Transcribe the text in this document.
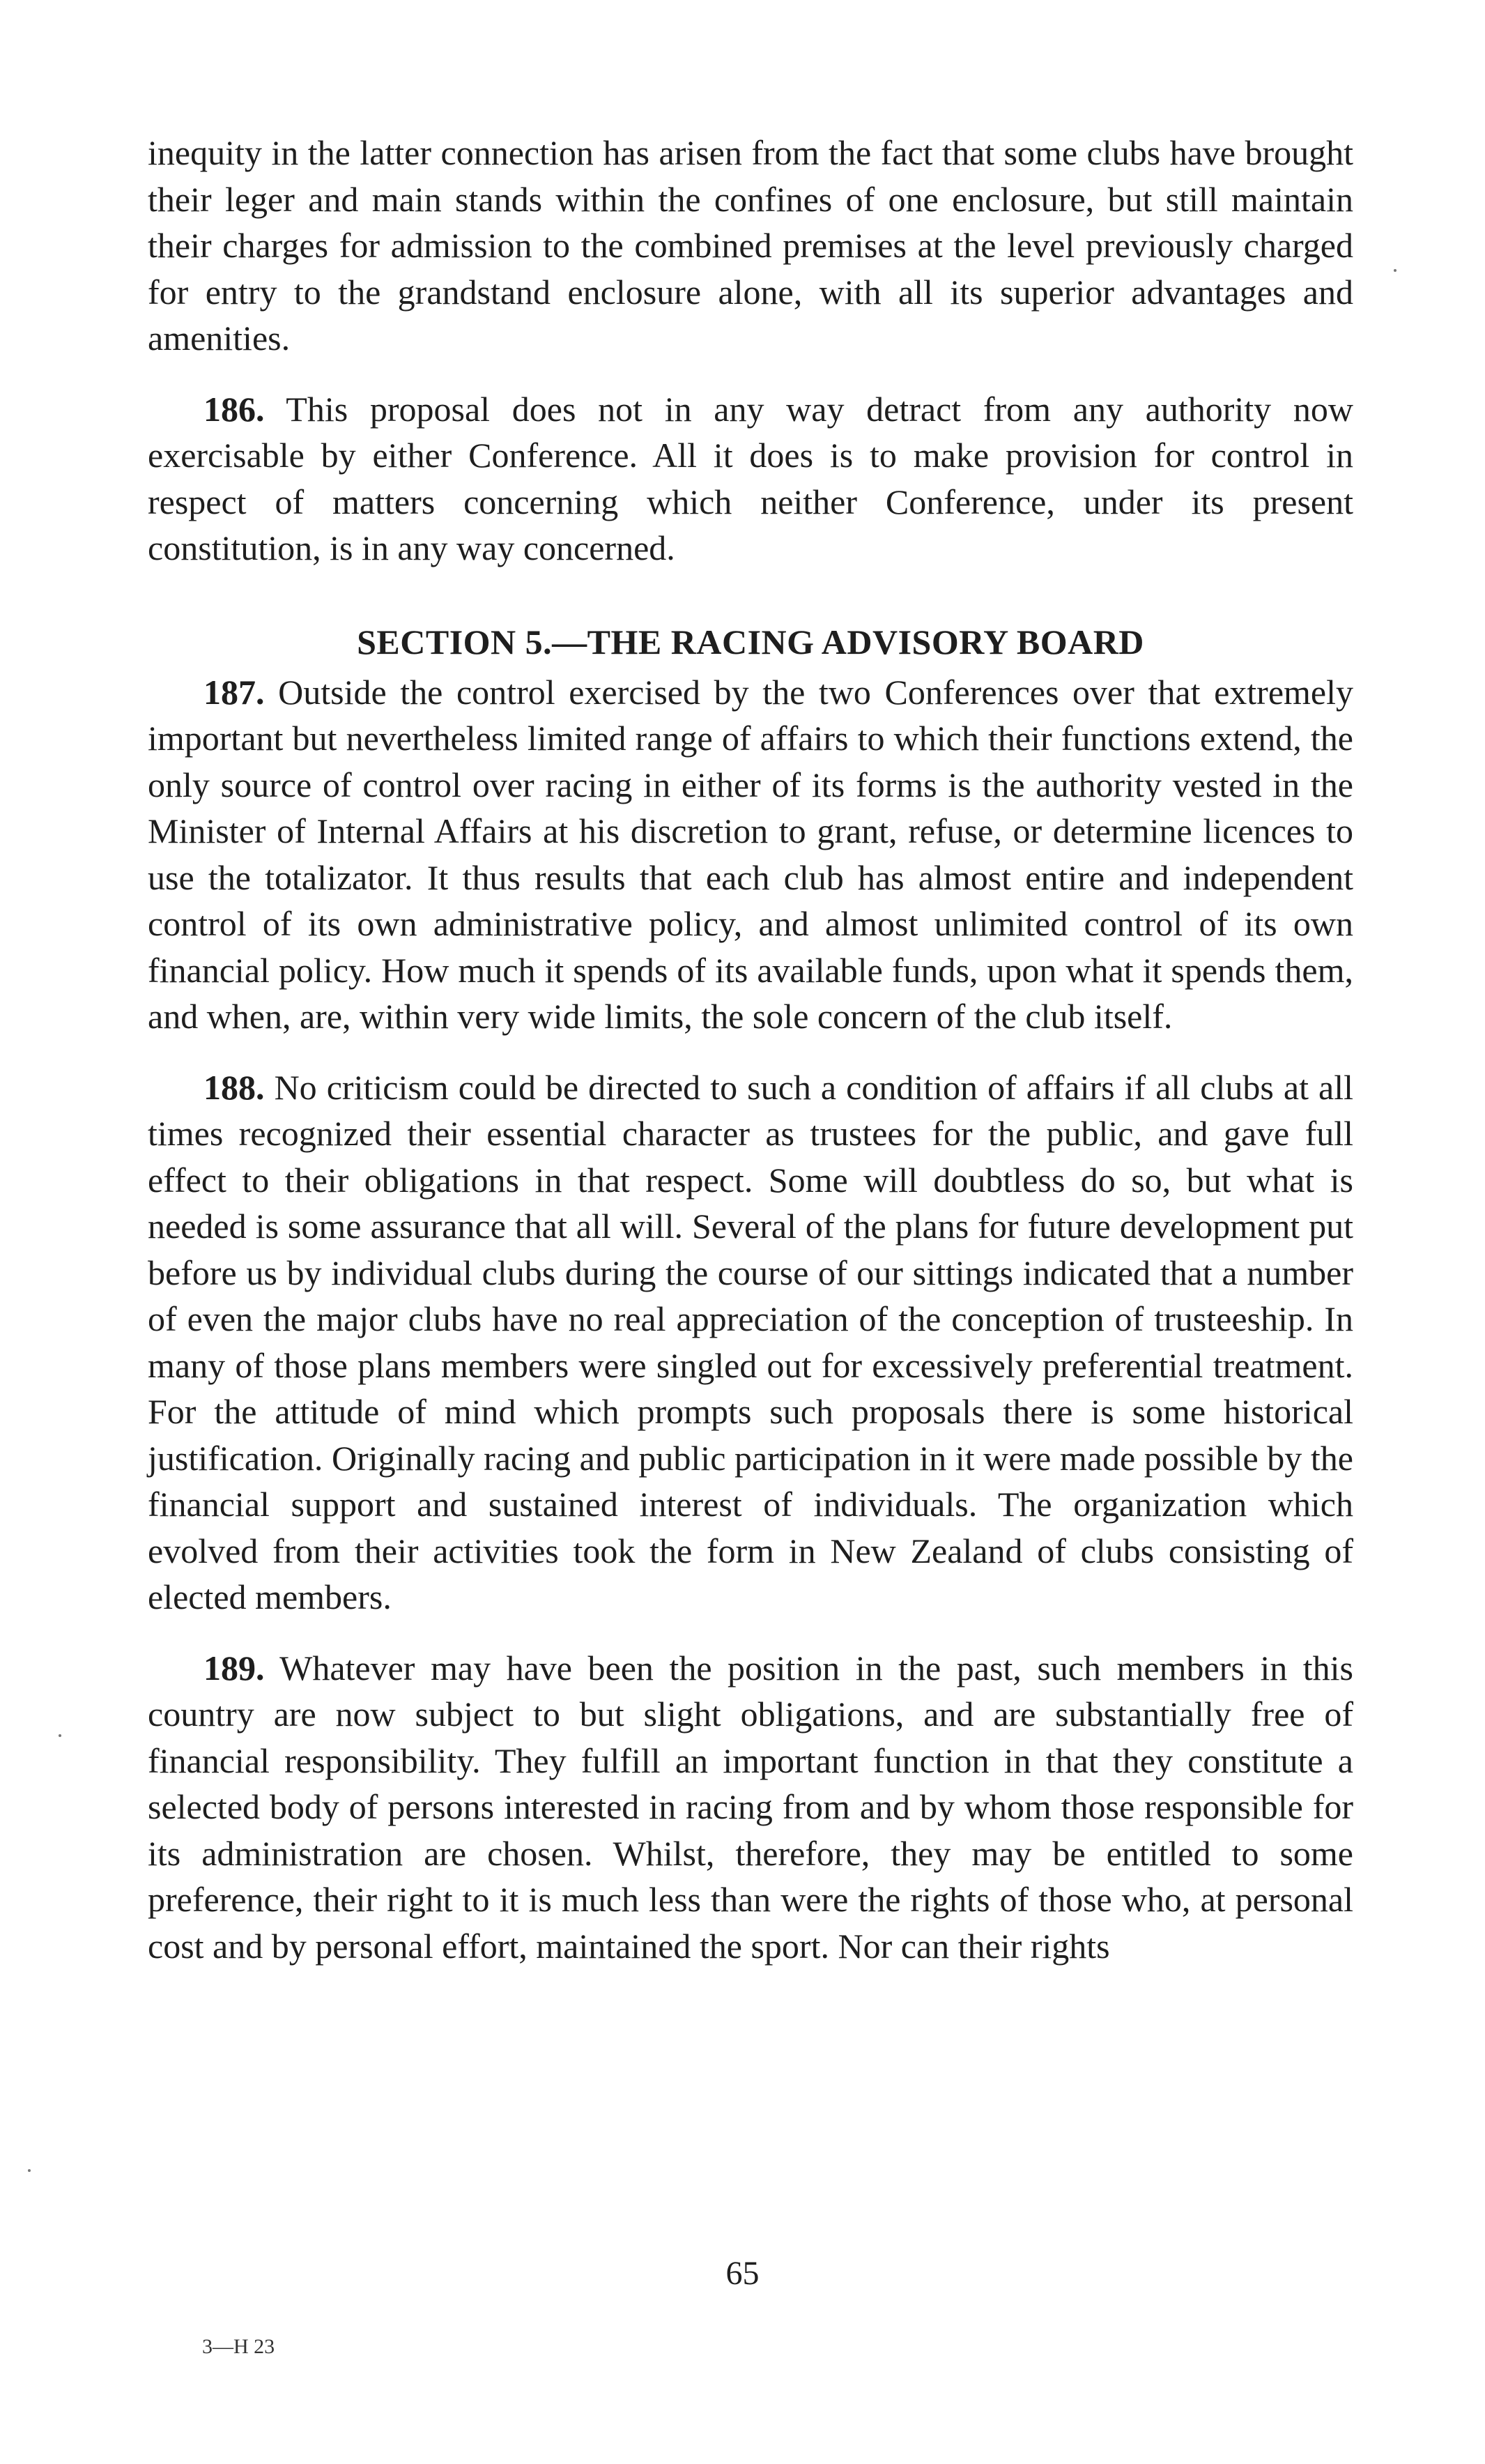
inequity in the latter connection has arisen from the fact that some clubs have brought their leger and main stands within the confines of one enclosure, but still maintain their charges for admission to the combined premises at the level previously charged for entry to the grandstand enclosure alone, with all its superior advantages and amenities.

186. This proposal does not in any way detract from any authority now exercisable by either Conference. All it does is to make provision for control in respect of matters concerning which neither Conference, under its present constitution, is in any way concerned.

SECTION 5.—THE RACING ADVISORY BOARD

187. Outside the control exercised by the two Conferences over that extremely important but nevertheless limited range of affairs to which their functions extend, the only source of control over racing in either of its forms is the authority vested in the Minister of Internal Affairs at his discretion to grant, refuse, or determine licences to use the totalizator. It thus results that each club has almost entire and independent control of its own administrative policy, and almost unlimited control of its own financial policy. How much it spends of its available funds, upon what it spends them, and when, are, within very wide limits, the sole concern of the club itself.

188. No criticism could be directed to such a condition of affairs if all clubs at all times recognized their essential character as trustees for the public, and gave full effect to their obligations in that respect. Some will doubtless do so, but what is needed is some assurance that all will. Several of the plans for future development put before us by individual clubs during the course of our sittings indicated that a number of even the major clubs have no real appreciation of the conception of trusteeship. In many of those plans members were singled out for excessively preferential treatment. For the attitude of mind which prompts such proposals there is some historical justification. Originally racing and public participation in it were made possible by the financial support and sustained interest of individuals. The organization which evolved from their activities took the form in New Zealand of clubs consisting of elected members.

189. Whatever may have been the position in the past, such members in this country are now subject to but slight obligations, and are substantially free of financial responsibility. They fulfill an important function in that they constitute a selected body of persons interested in racing from and by whom those responsible for its administration are chosen. Whilst, therefore, they may be entitled to some preference, their right to it is much less than were the rights of those who, at personal cost and by personal effort, maintained the sport. Nor can their rights

65
3—H 23
